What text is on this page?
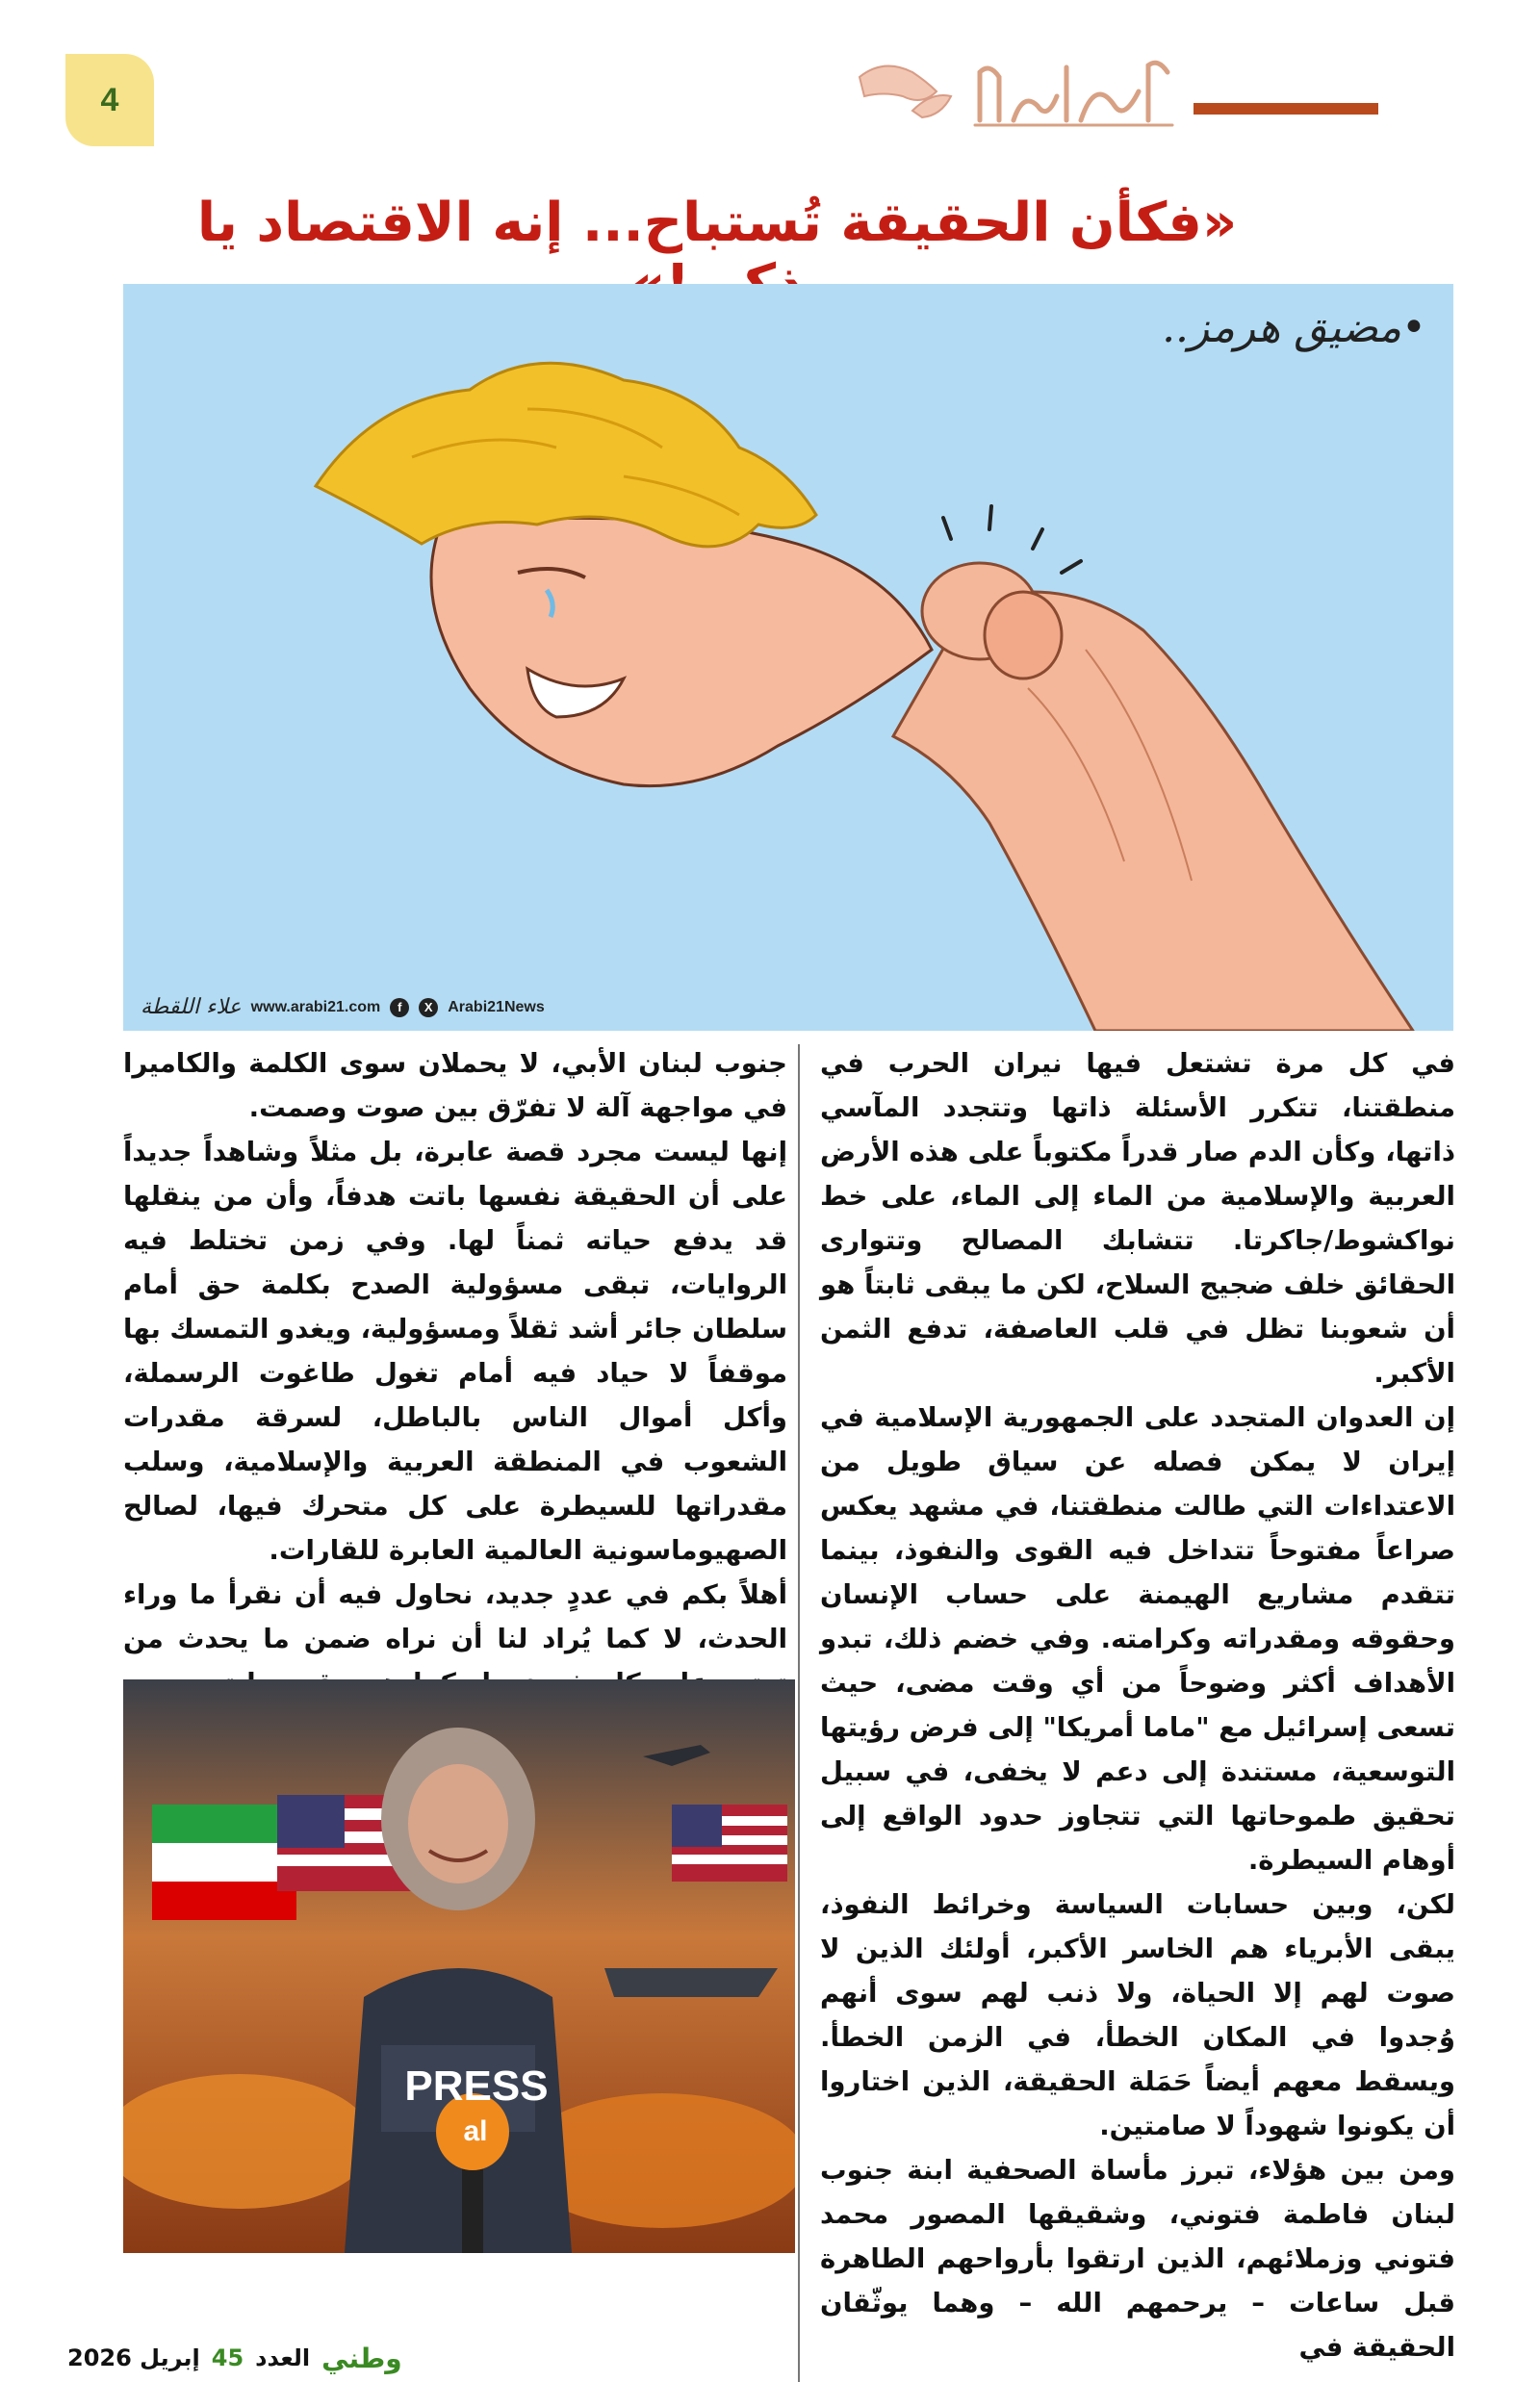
4
«فكأن الحقيقة تُستباح... إنه الاقتصاد يا
•مضيق هرمز..
علاء اللقطة www.arabi21.com	f	X Arabi21News

في كل مرة تشتعل فيها نيران الحرب في منطقتنا، تتكرر الأسئلة ذاتها وتتجدد المآسي ذاتها، وكأن الدم صار قدراً مكتوباً على هذه الأرض العربية والإسلامية من الماء إلى الماء، على خط نواكشوط/جاكرتا. تتشابك المصالح وتتوارى الحقائق خلف ضجيج السلاح، لكن ما يبقى ثابتاً هو أن شعوبنا تظل في قلب العاصفة، تدفع الثمن الأكبر.

إن العدوان المتجدد على الجمهورية الإسلامية في إيران لا يمكن فصله عن سياق طويل من الاعتداءات التي طالت منطقتنا، في مشهد يعكس صراعاً مفتوحاً تتداخل فيه القوى والنفوذ، بينما تتقدم مشاريع الهيمنة على حساب الإنسان وحقوقه ومقدراته وكرامته. وفي خضم ذلك، تبدو الأهداف أكثر وضوحاً من أي وقت مضى، حيث تسعى إسرائيل مع "ماما أمريكا" إلى فرض رؤيتها التوسعية، مستندة إلى دعم لا يخفى، في سبيل تحقيق طموحاتها التي تتجاوز حدود الواقع إلى أوهام السيطرة.

لكن، وبين حسابات السياسة وخرائط النفوذ، يبقى الأبرياء هم الخاسر الأكبر، أولئك الذين لا صوت لهم إلا الحياة، ولا ذنب لهم سوى أنهم وُجدوا في المكان الخطأ، في الزمن الخطأ. ويسقط معهم أيضاً حَمَلة الحقيقة، الذين اختاروا أن يكونوا شهوداً لا صامتين.

ومن بين هؤلاء، تبرز مأساة الصحفية ابنة جنوب لبنان فاطمة فتوني، وشقيقها المصور محمد فتوني وزملائهم، الذين ارتقوا بأرواحهم الطاهرة قبل ساعات – يرحمهم الله – وهما يوثّقان الحقيقة في

جنوب لبنان الأبي، لا يحملان سوى الكلمة والكاميرا في مواجهة آلة لا تفرّق بين صوت وصمت.

إنها ليست مجرد قصة عابرة، بل مثلاً وشاهداً جديداً على أن الحقيقة نفسها باتت هدفاً، وأن من ينقلها قد يدفع حياته ثمناً لها. وفي زمن تختلط فيه الروايات، تبقى مسؤولية الصدح بكلمة حق أمام سلطان جائر أشد ثقلاً ومسؤولية، ويغدو التمسك بها موقفاً لا حياد فيه أمام تغول طاغوت الرسملة، وأكل أموال الناس بالباطل، لسرقة مقدرات الشعوب في المنطقة العربية والإسلامية، وسلب مقدراتها للسيطرة على كل متحرك فيها، لصالح الصهيوماسونية العالمية العابرة للقارات.

أهلاً بكم في عددٍ جديد، نحاول فيه أن نقرأ ما وراء الحدث، لا كما يُراد لنا أن نراه ضمن ما يحدث من

PRESS
al
وطني
العدد
45
إبريل 2026
